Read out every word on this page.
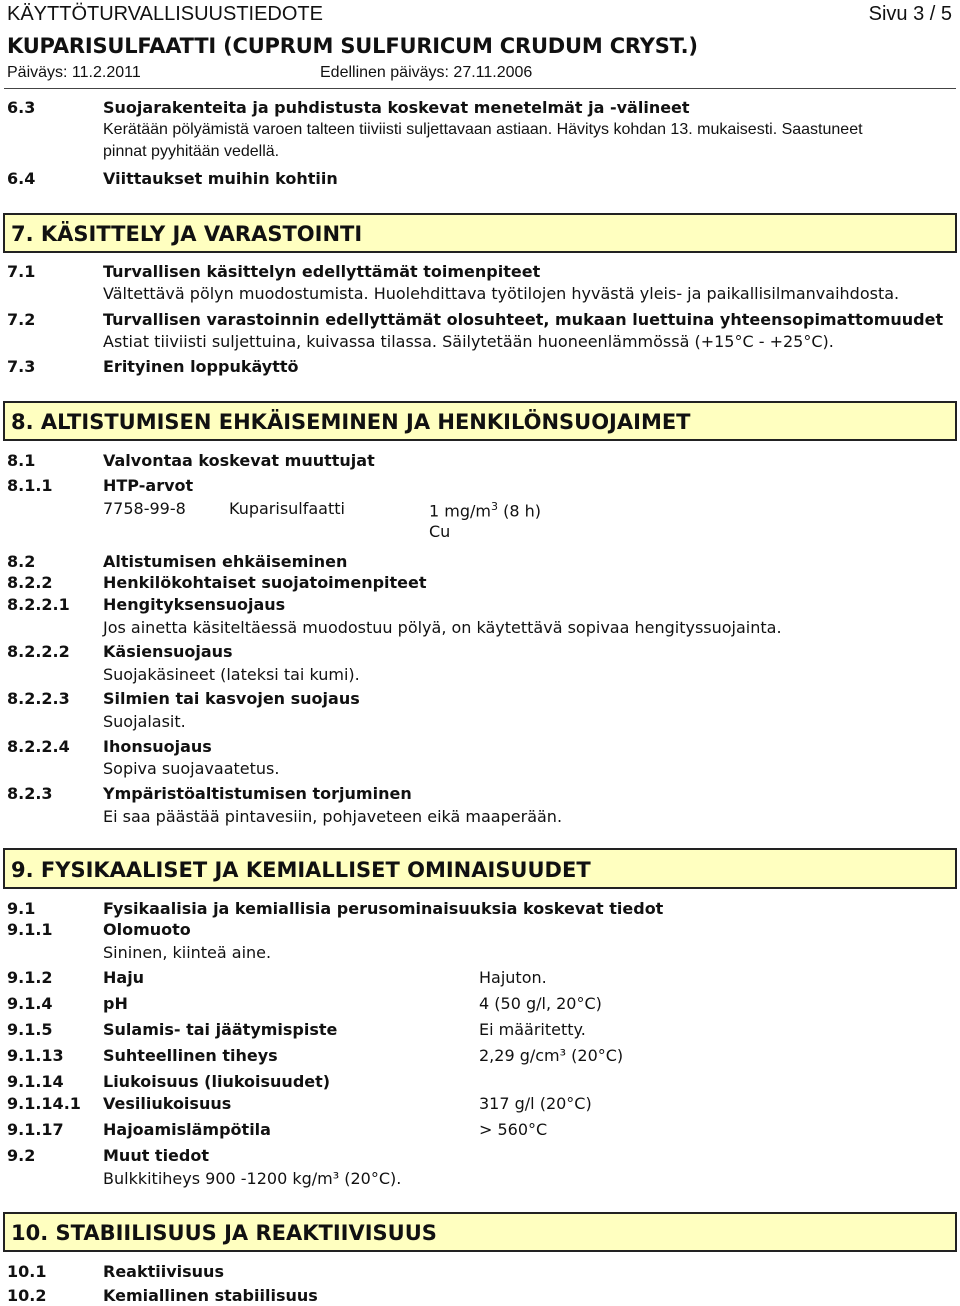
KÄYTTÖTURVALLISUUSTIEDOTE	Sivu 3 / 5
KUPARISULFAATTI (CUPRUM SULFURICUM CRUDUM CRYST.)
Päiväys: 11.2.2011	Edellinen päiväys: 27.11.2006
6.3	Suojarakenteita ja puhdistusta koskevat menetelmät ja -välineet
Kerätään pölyämistä varoen talteen tiiviisti suljettavaan astiaan. Hävitys kohdan 13. mukaisesti. Saastuneet
pinnat pyyhitään vedellä.
6.4	Viittaukset muihin kohtiin
7. KÄSITTELY JA VARASTOINTI
7.1	Turvallisen käsittelyn edellyttämät toimenpiteet
Vältettävä pölyn muodostumista. Huolehdittava työtilojen hyvästä yleis- ja paikallisilmanvaihdosta.
7.2	Turvallisen varastoinnin edellyttämät olosuhteet, mukaan luettuina yhteensopimattomuudet
Astiat tiiviisti suljettuina, kuivassa tilassa. Säilytetään huoneenlämmössä (+15°C - +25°C).
7.3	Erityinen loppukäyttö
8. ALTISTUMISEN EHKÄISEMINEN JA HENKILÖNSUOJAIMET
8.1	Valvontaa koskevat muuttujat
8.1.1	HTP-arvot
7758-99-8	Kuparisulfaatti	1 $mg/m^3$ (8 h)
Cu
8.2	Altistumisen ehkäiseminen
8.2.2	Henkilökohtaiset suojatoimenpiteet
8.2.2.1 Hengityksensuojaus
Jos ainetta käsiteltäessä muodostuu pölyä, on käytettävä sopivaa hengityssuojainta.
8.2.2.2 Käsiensuojaus
Suojakäsineet (lateksi tai kumi).
8.2.2.3 Silmien tai kasvojen suojaus
Suojalasit.
8.2.2.4 Ihonsuojaus
Sopiva suojavaatetus.
8.2.3	Ympäristöaltistumisen torjuminen
Ei saa päästää pintavesiin, pohjaveteen eikä maaperään.
9. FYSIKAALISET JA KEMIALLISET OMINAISUUDET
9.1	Fysikaalisia ja kemiallisia perusominaisuuksia koskevat tiedot
9.1.1	Olomuoto
Sininen, kiinteä aine.
9.1.2	Haju	Hajuton.
9.1.4	pH	4 (50 g/l, 20°C)
9.1.5	Sulamis- tai jäätymispiste	Ei määritetty.
9.1.13 Suhteellinen tiheys	2,29 g/cm³ (20°C)
9.1.14 Liukoisuus (liukoisuudet)
9.1.14.1 Vesiliukoisuus	317 g/l (20°C)
9.1.17 Hajoamislämpötila	> 560°C
9.2	Muut tiedot
Bulkkitiheys 900 -1200 kg/m³ (20°C).
10. STABIILISUUS JA REAKTIIVISUUS
10.1	Reaktiivisuus
10.2	Kemiallinen stabiilisuus
